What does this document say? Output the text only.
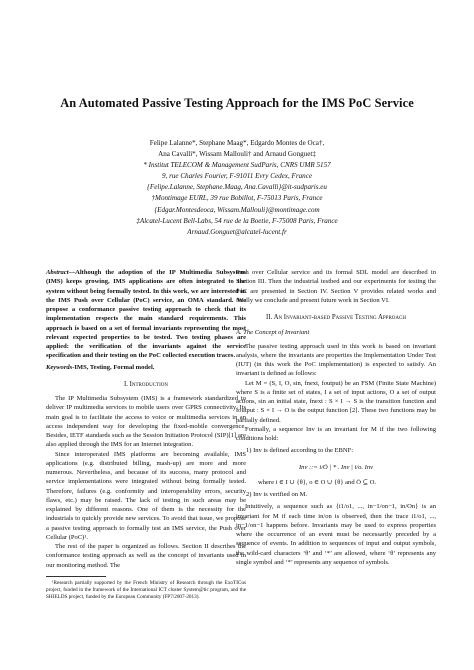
An Automated Passive Testing Approach for the IMS PoC Service
Felipe Lalanne*, Stephane Maag*, Edgardo Montes de Oca†,
Ana Cavalli*, Wissam Mallouli† and Arnaud Gonguet‡
* Institut TELECOM & Management SudParis, CNRS UMR 5157
9, rue Charles Fourier, F-91011 Evry Cedex, France
{Felipe.Lalanne, Stephane.Maag, Ana.Cavalli}@it-sudparis.eu
†Montimage EURL, 39 rue Bobillot, F-75013 Paris, France
{Edgar.Montesdeoca, Wissam.Mallouli}@montimage.com
‡Alcatel-Lucent Bell-Labs, 54 rue de la Boetie, F-75008 Paris, France
Arnaud.Gonguet@alcatel-lucent.fr

Abstract—Although the adoption of the IP Multimedia Subsystem (IMS) keeps growing, IMS applications are often integrated to the system without being formally tested. In this work, we are interested in the IMS Push over Cellular (PoC) service, an OMA standard. We propose a conformance passive testing approach to check that its implementation respects the main standard requirements. This approach is based on a set of formal invariants representing the most relevant expected properties to be tested. Two testing phases are applied: the verification of the invariants against the service specification and their testing on the PoC collected execution traces.

Keywords-IMS, Testing, Formal model.

I. Introduction

The IP Multimedia Subsystem (IMS) is a framework standardized to deliver IP multimedia services to mobile users over GPRS connectivity. Its main goal is to facilitate the access to voice or multimedia services in an access independent way for developing the fixed-mobile convergence. Besides, IETF standards such as the Session Initiation Protocol (SIP)[1] are also applied through the IMS for an Internet integration.

Since interoperated IMS platforms are becoming available, IMS applications (e.g. distributed billing, mash-up) are more and more numerous. Nevertheless, and because of its success, many protocol and service implementations were integrated without being formally tested. Therefore, failures (e.g. conformity and interoperability errors, security flaws, etc.) may be raised. The lack of testing in such areas may be explained by different reasons. One of them is the necessity for the industrials to quickly provide new services. To avoid that issue, we propose a passive testing approach to formally test an IMS service, the Push over Cellular (PoC)¹.

The rest of the paper is organized as follows. Section II describes the conformance testing approach as well as the concept of invariants used in our monitoring method. The

¹Research partially supported by the French Ministry of Research through the ExoTICus project, funded in the framework of the International ICT cluster System@tic program, and the SHIELDS project, funded by the European Community (FP7/2007-2013).

Push over Cellular service and its formal SDL model are described in Section III. Then the industrial testbed and our experiments for testing the PoC are presented in Section IV. Section V provides related works and finally we conclude and present future work in Section VI.

II. An Invariant-based Passive Testing Approach
A. The Concept of Invariant

The passive testing approach used in this work is based on invariant analysis, where the invariants are properties the Implementation Under Test (IUT) (in this work the PoC implementation) is expected to satisfy. An invariant is defined as follows:

Let M = (S, I, O, sin, fnext, foutput) be an FSM (Finite State Machine) where S is a finite set of states, I a set of input actions, O a set of output actions, sin an initial state, fnext : S × I → S is the transition function and foutput : S × I → O is the output function [2]. These two functions may be partially defined.

Formally, a sequence Inv is an invariant for M if the two following conditions hold:

1) Inv is defined according to the EBNF:
Inv ::= i/Ō | * . Inv | i/o. Inv
where i ∈ I ∪ {θ}, o ∈ O ∪ {θ} and Ō ⊆ O.
2) Inv is verified on M.

Intuitively, a sequence such as {i1/o1, ..., in−1/on−1, in/On} is an invariant for M if each time in/on is observed, then the trace i1/o1, ..., in−1/on−1 happens before. Invariants may be used to express properties where the occurrence of an event must be necessarily preceded by a sequence of events. In addition to sequences of input and output symbols, the wild-card characters ‘θ’ and ‘*’ are allowed, where ‘θ’ represents any single symbol and ‘*’ represents any sequence of symbols.
